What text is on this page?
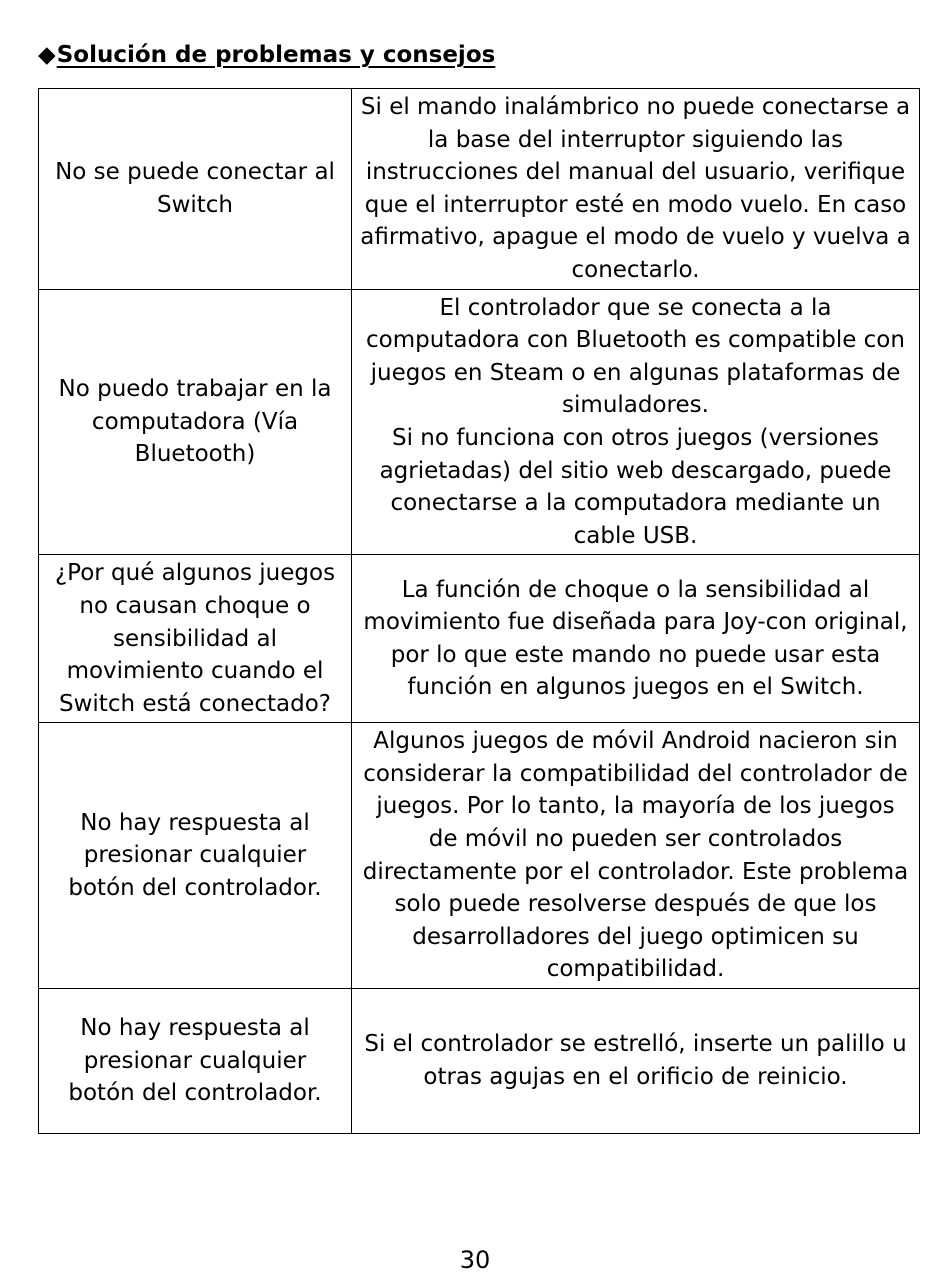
◆Solución de problemas y consejos
No se puede conectar al Switch	Si el mando inalámbrico no puede conectarse a la base del interruptor siguiendo las instrucciones del manual del usuario, verifique que el interruptor esté en modo vuelo. En caso afirmativo, apague el modo de vuelo y vuelva a conectarlo.

No puedo trabajar en la computadora (Vía Bluetooth)	El controlador que se conecta a la computadora con Bluetooth es compatible con juegos en Steam o en algunas plataformas de simuladores.
Si no funciona con otros juegos (versiones agrietadas) del sitio web descargado, puede conectarse a la computadora mediante un cable USB.

¿Por qué algunos juegos no causan choque o sensibilidad al movimiento cuando el Switch está conectado?	La función de choque o la sensibilidad al movimiento fue diseñada para Joy-con original, por lo que este mando no puede usar esta función en algunos juegos en el Switch.

No hay respuesta al presionar cualquier botón del controlador.	Algunos juegos de móvil Android nacieron sin considerar la compatibilidad del controlador de juegos. Por lo tanto, la mayoría de los juegos de móvil no pueden ser controlados directamente por el controlador. Este problema solo puede resolverse después de que los desarrolladores del juego optimicen su compatibilidad.

No hay respuesta al presionar cualquier botón del controlador.	Si el controlador se estrelló, inserte un palillo u otras agujas en el orificio de reinicio.
30
